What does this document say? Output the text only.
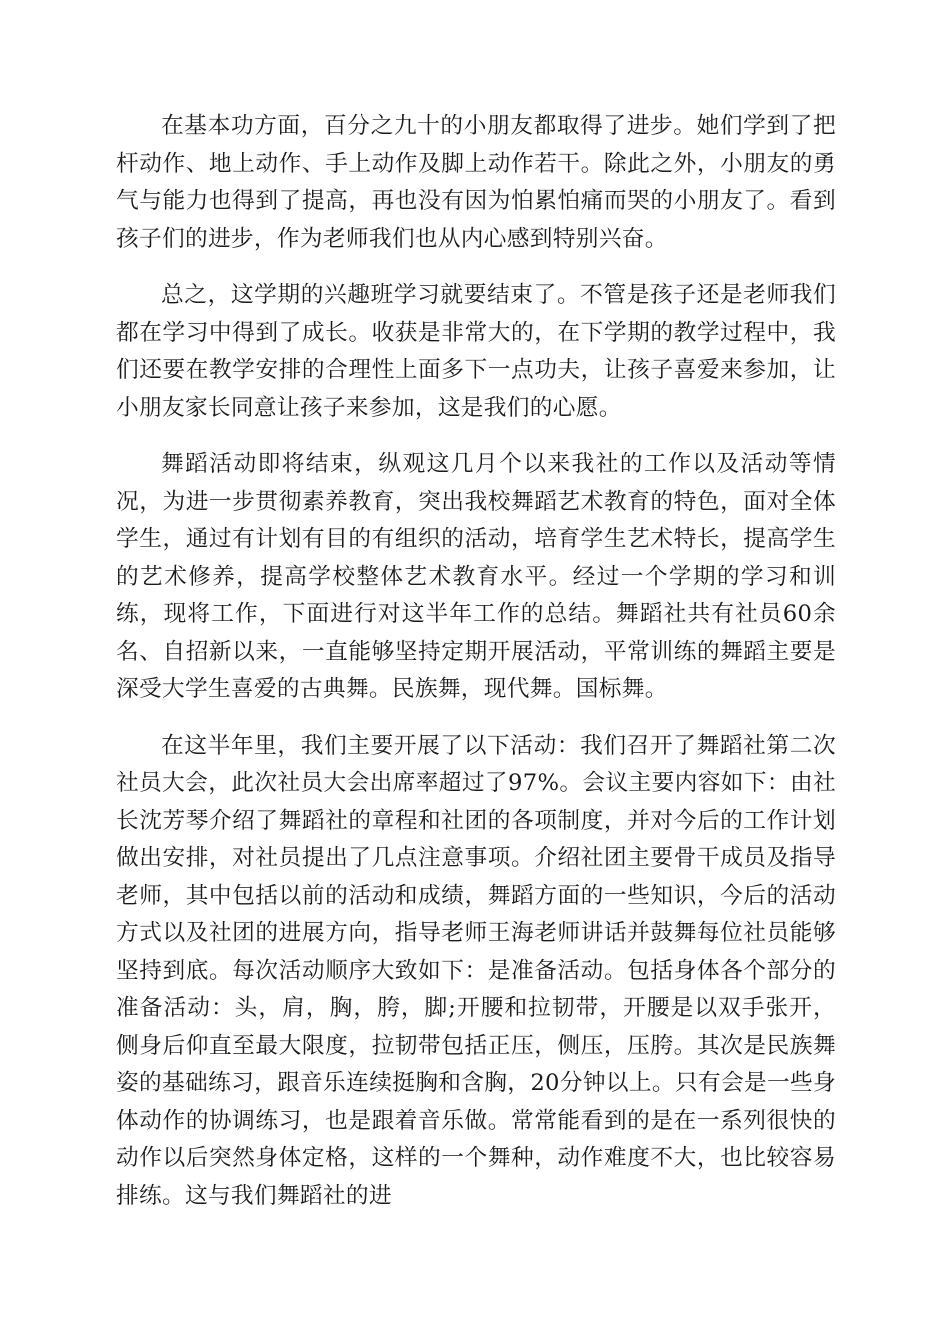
在基本功方面，百分之九十的小朋友都取得了进步。她们学到了把杆动作、地上动作、手上动作及脚上动作若干。除此之外，小朋友的勇气与能力也得到了提高，再也没有因为怕累怕痛而哭的小朋友了。看到孩子们的进步，作为老师我们也从内心感到特别兴奋。

总之，这学期的兴趣班学习就要结束了。不管是孩子还是老师我们都在学习中得到了成长。收获是非常大的，在下学期的教学过程中，我们还要在教学安排的合理性上面多下一点功夫，让孩子喜爱来参加，让小朋友家长同意让孩子来参加，这是我们的心愿。

舞蹈活动即将结束，纵观这几月个以来我社的工作以及活动等情况，为进一步贯彻素养教育，突出我校舞蹈艺术教育的特色，面对全体学生，通过有计划有目的有组织的活动，培育学生艺术特长，提高学生的艺术修养，提高学校整体艺术教育水平。经过一个学期的学习和训练，现将工作，下面进行对这半年工作的总结。舞蹈社共有社员60余名、自招新以来，一直能够坚持定期开展活动，平常训练的舞蹈主要是深受大学生喜爱的古典舞。民族舞，现代舞。国标舞。

在这半年里，我们主要开展了以下活动：我们召开了舞蹈社第二次社员大会，此次社员大会出席率超过了97%。会议主要内容如下：由社长沈芳琴介绍了舞蹈社的章程和社团的各项制度，并对今后的工作计划做出安排，对社员提出了几点注意事项。介绍社团主要骨干成员及指导老师，其中包括以前的活动和成绩，舞蹈方面的一些知识，今后的活动方式以及社团的进展方向，指导老师王海老师讲话并鼓舞每位社员能够坚持到底。每次活动顺序大致如下：是准备活动。包括身体各个部分的准备活动：头，肩，胸，胯，脚;开腰和拉韧带，开腰是以双手张开，侧身后仰直至最大限度，拉韧带包括正压，侧压，压胯。其次是民族舞姿的基础练习，跟音乐连续挺胸和含胸，20分钟以上。只有会是一些身体动作的协调练习，也是跟着音乐做。常常能看到的是在一系列很快的动作以后突然身体定格，这样的一个舞种，动作难度不大，也比较容易排练。这与我们舞蹈社的进
